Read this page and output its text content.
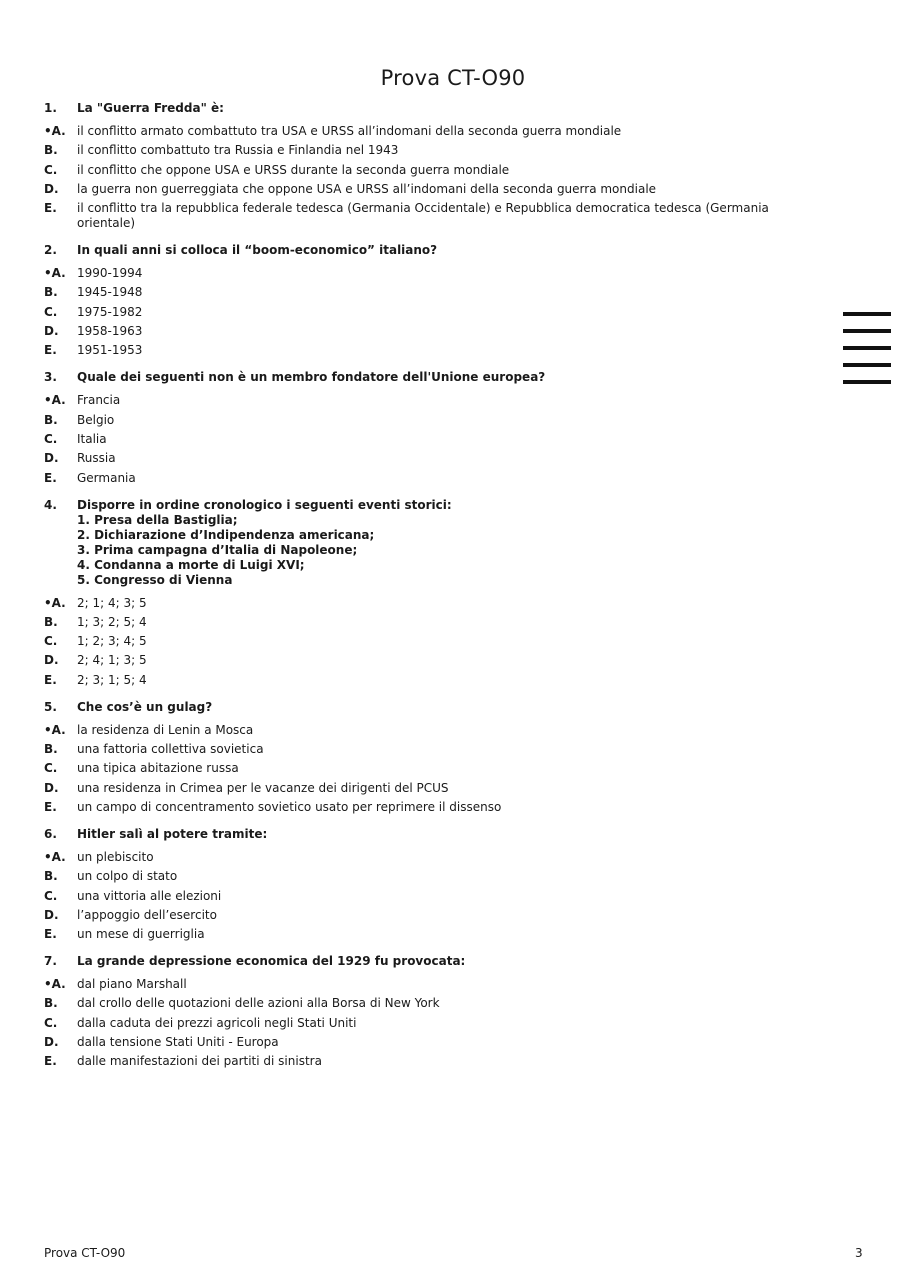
Prova CT-O90
1.	La "Guerra Fredda" è:
•A. il conflitto armato combattuto tra USA e URSS all’indomani della seconda guerra mondiale
B.	il conflitto combattuto tra Russia e Finlandia nel 1943
C.	il conflitto che oppone USA e URSS durante la seconda guerra mondiale
D.	la guerra non guerreggiata che oppone USA e URSS all’indomani della seconda guerra mondiale
E.	il conflitto tra la repubblica federale tedesca (Germania Occidentale) e Repubblica democratica tedesca (Germania orientale)
2.	In quali anni si colloca il “boom-economico” italiano?
•A. 1990-1994
B.	1945-1948
C.	1975-1982
D.	1958-1963
E.	1951-1953
3.	Quale dei seguenti non è un membro fondatore dell'Unione europea?
•A. Francia
B.	Belgio
C.	Italia
D.	Russia
E.	Germania
4.	Disporre in ordine cronologico i seguenti eventi storici:
1. Presa della Bastiglia;
2. Dichiarazione d’Indipendenza americana;
3. Prima campagna d’Italia di Napoleone;
4. Condanna a morte di Luigi XVI;
5. Congresso di Vienna
•A. 2; 1; 4; 3; 5
B.	1; 3; 2; 5; 4
C.	1; 2; 3; 4; 5
D.	2; 4; 1; 3; 5
E.	2; 3; 1; 5; 4
5.	Che cos’è un gulag?
•A. la residenza di Lenin a Mosca
B.	una fattoria collettiva sovietica
C.	una tipica abitazione russa
D.	una residenza in Crimea per le vacanze dei dirigenti del PCUS
E.	un campo di concentramento sovietico usato per reprimere il dissenso
6.	Hitler salì al potere tramite:
•A. un plebiscito
B.	un colpo di stato
C.	una vittoria alle elezioni
D.	l’appoggio dell’esercito
E.	un mese di guerriglia
7.	La grande depressione economica del 1929 fu provocata:
•A. dal piano Marshall
B.	dal crollo delle quotazioni delle azioni alla Borsa di New York
C.	dalla caduta dei prezzi agricoli negli Stati Uniti
D.	dalla tensione Stati Uniti - Europa
E.	dalle manifestazioni dei partiti di sinistra
Prova CT-O90	3
